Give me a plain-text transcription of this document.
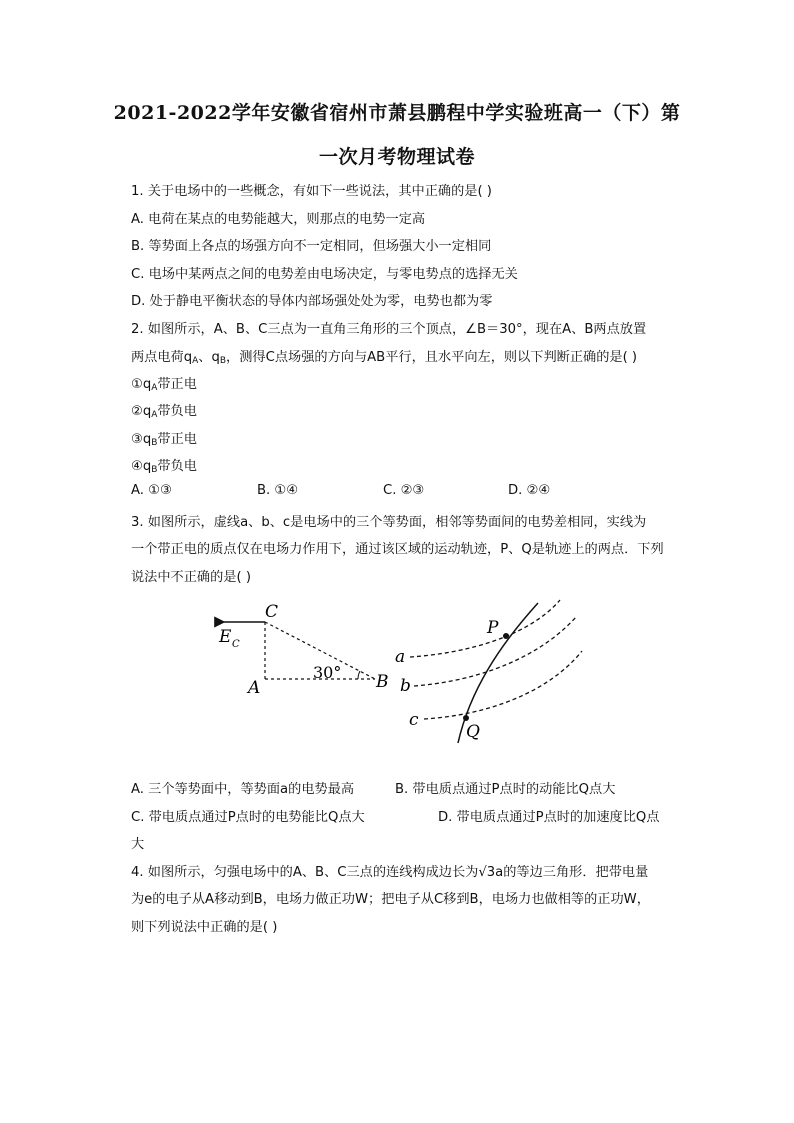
2021-2022学年安徽省宿州市萧县鹏程中学实验班高一（下）第
一次月考物理试卷
1. 关于电场中的一些概念，有如下一些说法，其中正确的是( )
A. 电荷在某点的电势能越大，则那点的电势一定高
B. 等势面上各点的场强方向不一定相同，但场强大小一定相同
C. 电场中某两点之间的电势差由电场决定，与零电势点的选择无关
D. 处于静电平衡状态的导体内部场强处处为零，电势也都为零
2. 如图所示，A、B、C三点为一直角三角形的三个顶点，∠B＝30°，现在A、B两点放置
两点电荷$q_A$、$q_B$，测得C点场强的方向与AB平行，且水平向左，则以下判断正确的是( )
$①q_A$带正电
$②q_A$带负电
$③q_B$带正电
$④q_B$带负电
A. ①③	B. ①④	C. ②③	D. ②④
3. 如图所示，虚线a、b、c是电场中的三个等势面，相邻等势面间的电势差相同，实线为
一个带正电的质点仅在电场力作用下，通过该区域的运动轨迹，P、Q是轨迹上的两点．下列
说法中不正确的是( )
C
E C
A
30° B
P
Q
a
b
c
A. 三个等势面中，等势面a的电势最高	B. 带电质点通过P点时的动能比Q点大
C. 带电质点通过P点时的电势能比Q点大	D. 带电质点通过P点时的加速度比Q点
大
4. 如图所示，匀强电场中的A、B、C三点的连线构成边长为√3a的等边三角形．把带电量
为e的电子从A移动到B，电场力做正功W；把电子从C移到B，电场力也做相等的正功W，
则下列说法中正确的是( )
